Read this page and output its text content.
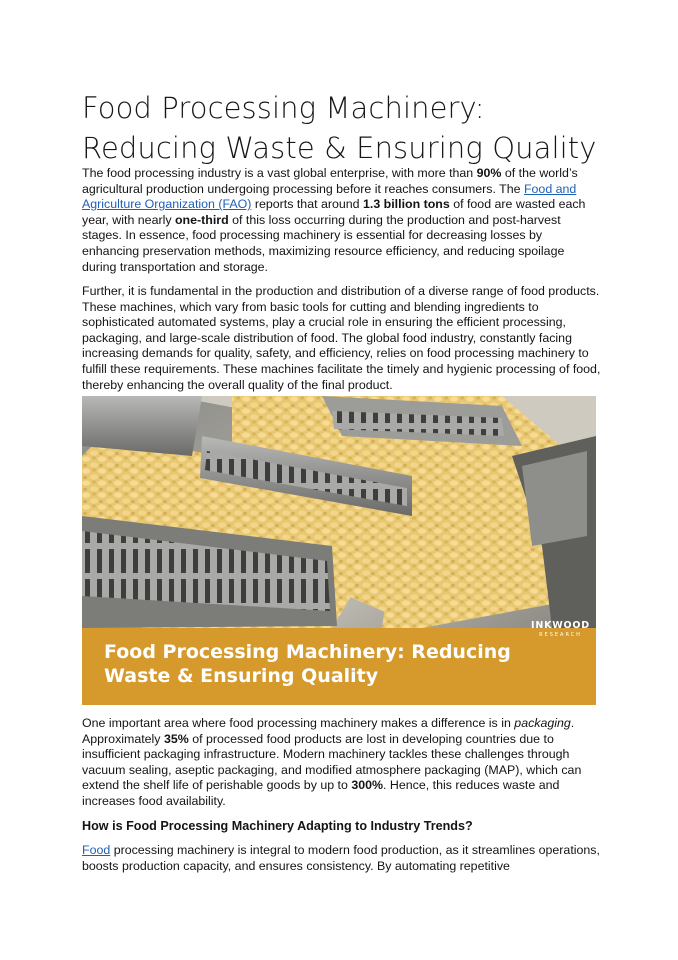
Food Processing Machinery: Reducing Waste & Ensuring Quality

The food processing industry is a vast global enterprise, with more than 90% of the world’s agricultural production undergoing processing before it reaches consumers. The Food and Agriculture Organization (FAO) reports that around 1.3 billion tons of food are wasted each year, with nearly one-third of this loss occurring during the production and post-harvest stages. In essence, food processing machinery is essential for decreasing losses by enhancing preservation methods, maximizing resource efficiency, and reducing spoilage during transportation and storage.

Further, it is fundamental in the production and distribution of a diverse range of food products. These machines, which vary from basic tools for cutting and blending ingredients to sophisticated automated systems, play a crucial role in ensuring the efficient processing, packaging, and large-scale distribution of food. The global food industry, constantly facing increasing demands for quality, safety, and efficiency, relies on food processing machinery to fulfill these requirements. These machines facilitate the timely and hygienic processing of food, thereby enhancing the overall quality of the final product.

Food Processing Machinery: Reducing Waste & Ensuring Quality

INKWOOD
RESEARCH

One important area where food processing machinery makes a difference is in packaging. Approximately 35% of processed food products are lost in developing countries due to insufficient packaging infrastructure. Modern machinery tackles these challenges through vacuum sealing, aseptic packaging, and modified atmosphere packaging (MAP), which can extend the shelf life of perishable goods by up to 300%. Hence, this reduces waste and increases food availability.

How is Food Processing Machinery Adapting to Industry Trends?

Food processing machinery is integral to modern food production, as it streamlines operations, boosts production capacity, and ensures consistency. By automating repetitive
